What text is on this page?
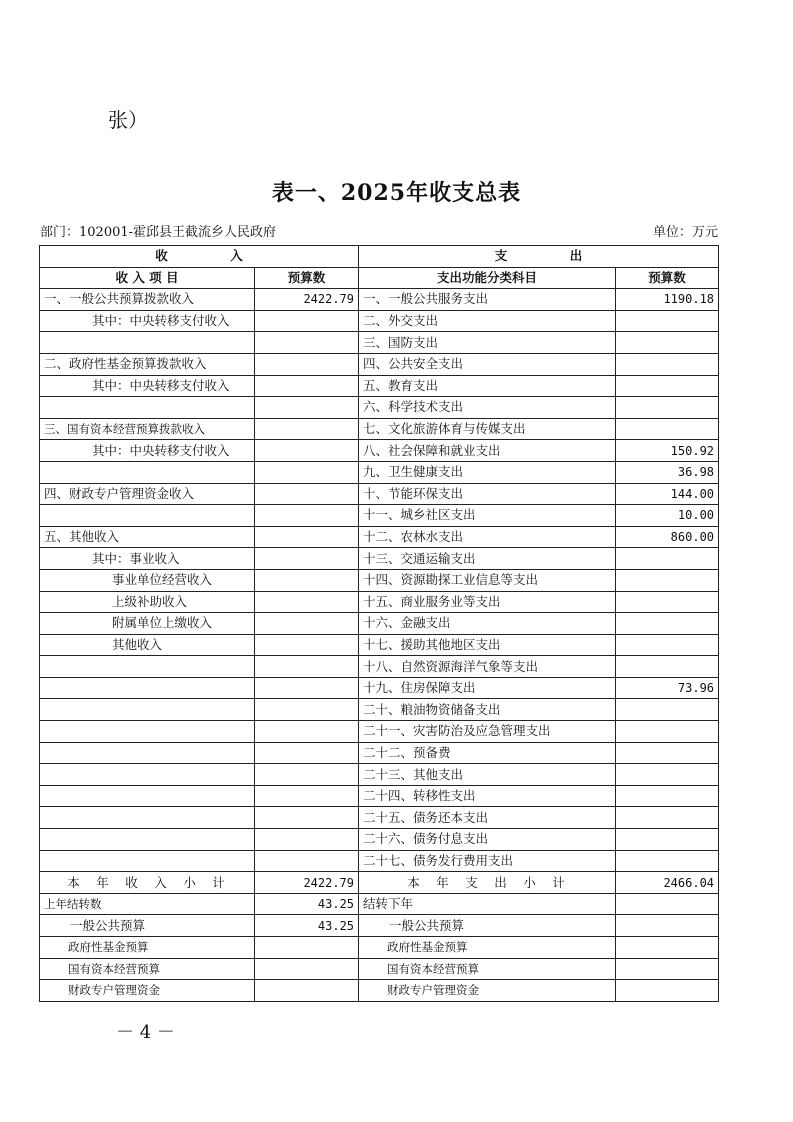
张）
表一、2025年收支总表
部门：102001-霍邱县王截流乡人民政府	单位：万元
收　　　　　入		支　　　　　出	
收 入 项 目	预算数	支出功能分类科目	预算数
一、一般公共预算拨款收入	2422.79	一、一般公共服务支出	1190.18
其中：中央转移支付收入		二、外交支出	
		三、国防支出	
二、政府性基金预算拨款收入		四、公共安全支出	
其中：中央转移支付收入		五、教育支出	
		六、科学技术支出	
三、国有资本经营预算拨款收入		七、文化旅游体育与传媒支出	
其中：中央转移支付收入		八、社会保障和就业支出	150.92
		九、卫生健康支出	36.98
四、财政专户管理资金收入		十、节能环保支出	144.00
		十一、城乡社区支出	10.00
五、其他收入		十二、农林水支出	860.00
其中：事业收入		十三、交通运输支出	
事业单位经营收入		十四、资源勘探工业信息等支出	
上级补助收入		十五、商业服务业等支出	
附属单位上缴收入		十六、金融支出	
其他收入		十七、援助其他地区支出	
		十八、自然资源海洋气象等支出	
		十九、住房保障支出	73.96
		二十、粮油物资储备支出	
		二十一、灾害防治及应急管理支出	
		二十二、预备费	
		二十三、其他支出	
		二十四、转移性支出	
		二十五、债务还本支出	
		二十六、债务付息支出	
		二十七、债务发行费用支出	
本　年　收　入　小　计	2422.79	本　年　支　出　小　计	2466.04
上年结转数	43.25	结转下年	
一般公共预算	43.25	一般公共预算	
政府性基金预算		政府性基金预算	
国有资本经营预算		国有资本经营预算	
财政专户管理资金		财政专户管理资金	
－ 4 －
